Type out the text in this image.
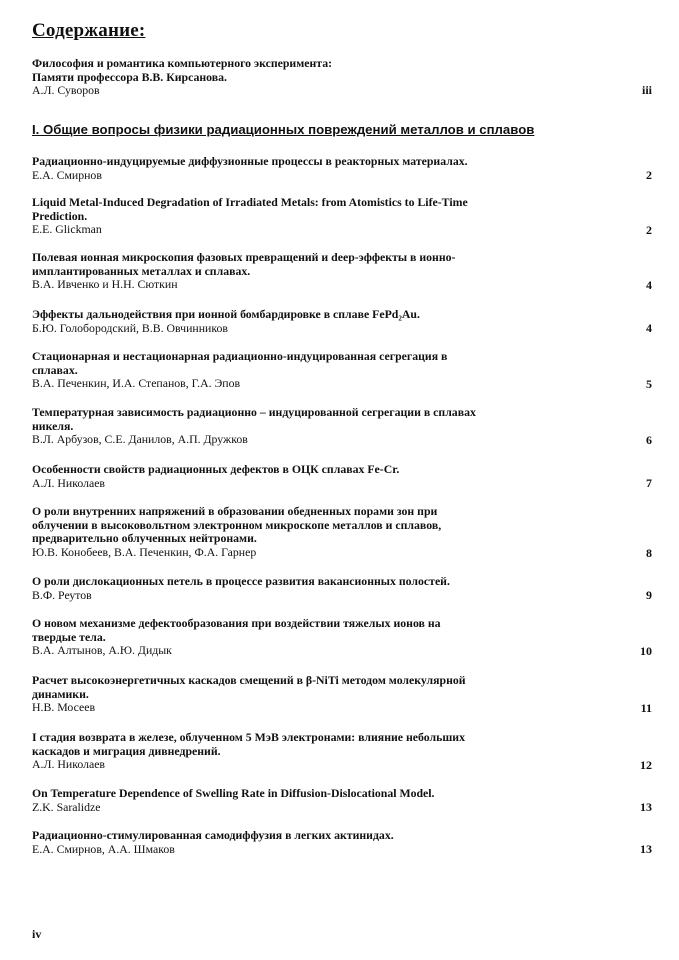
Содержание:
Философия и романтика компьютерного эксперимента:
Памяти профессора В.В. Кирсанова.
А.Л. Суворов	iii
I. Общие вопросы физики радиационных повреждений металлов и сплавов
Радиационно-индуцируемые диффузионные процессы в реакторных материалах.
Е.А. Смирнов	2
Liquid Metal-Induced Degradation of Irradiated Metals: from Atomistics to Life-Time
Prediction.
E.E. Glickman	2
Полевая ионная микроскопия фазовых превращений и deep-эффекты в ионно-
имплантированных металлах и сплавах.
В.А. Ивченко и Н.Н. Сюткин	4
Эффекты дальнодействия при ионной бомбардировке в сплаве FePd₂Au.
Б.Ю. Голобородский, В.В. Овчинников	4
Стационарная и нестационарная радиационно-индуцированная сегрегация в
сплавах.
В.А. Печенкин, И.А. Степанов, Г.А. Эпов	5
Температурная зависимость радиационно – индуцированной сегрегации в сплавах
никеля.
В.Л. Арбузов, С.Е. Данилов, А.П. Дружков	6
Особенности свойств радиационных дефектов в ОЦК сплавах Fe-Cr.
А.Л. Николаев	7
О роли внутренних напряжений в образовании обедненных порами зон при
облучении в высоковольтном электронном микроскопе металлов и сплавов,
предварительно облученных нейтронами.
Ю.В. Конобеев, В.А. Печенкин, Ф.А. Гарнер	8
О роли дислокационных петель в процессе развития вакансионных полостей.
В.Ф. Реутов	9
О новом механизме дефектообразования при воздействии тяжелых ионов на
твердые тела.
В.А. Алтынов, А.Ю. Дидык	10
Расчет высокоэнергетичных каскадов смещений в β-NiTi методом молекулярной
динамики.
Н.В. Мосеев	11
I стадия возврата в железе, облученном 5 МэВ электронами: влияние небольших
каскадов и миграция дивнедрений.
А.Л. Николаев	12
On Temperature Dependence of Swelling Rate in Diffusion-Dislocational Model.
Z.K. Saralidze	13
Радиационно-стимулированная самодиффузия в легких актинидах.
Е.А. Смирнов, А.А. Шмаков	13
iv
